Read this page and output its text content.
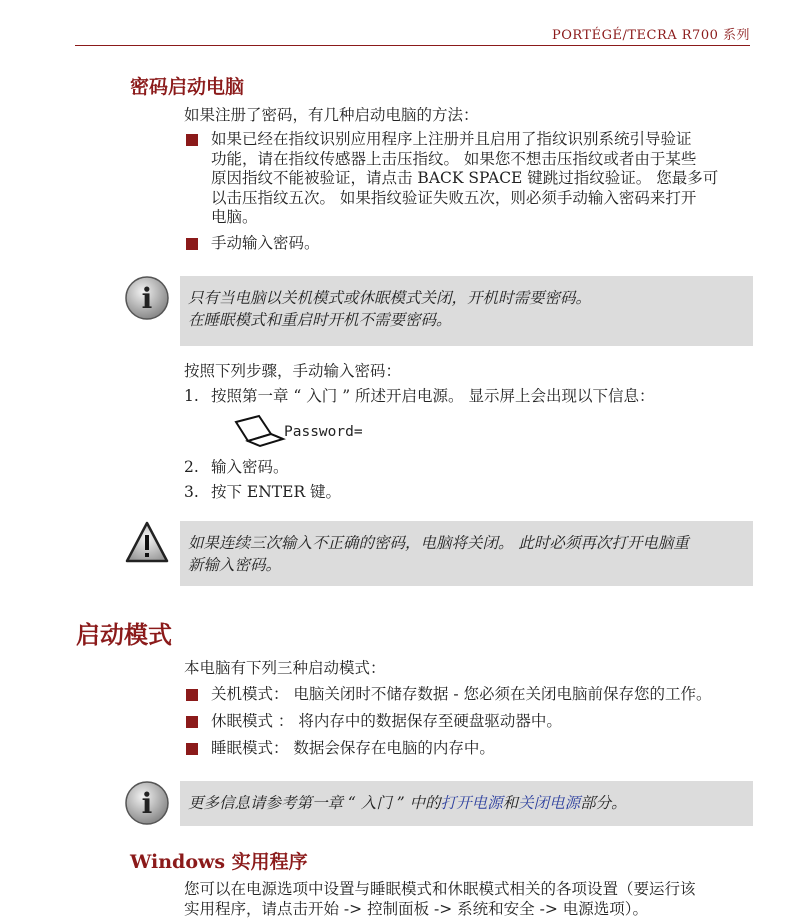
PORTÉGÉ/TECRA R700 系列
密码启动电脑
如果注册了密码，有几种启动电脑的方法：
如果已经在指纹识别应用程序上注册并且启用了指纹识别系统引导验证
功能，请在指纹传感器上击压指纹。 如果您不想击压指纹或者由于某些
原因指纹不能被验证，请点击 BACK SPACE 键跳过指纹验证。 您最多可
以击压指纹五次。 如果指纹验证失败五次，则必须手动输入密码来打开
电脑。
手动输入密码。
i 只有当电脑以关机模式或休眠模式关闭，开机时需要密码。
在睡眠模式和重启时开机不需要密码。
按照下列步骤，手动输入密码：
1. 按照第一章 “ 入门 ” 所述开启电源。 显示屏上会出现以下信息：
Password=
2. 输入密码。
3. 按下 ENTER 键。
如果连续三次输入不正确的密码，电脑将关闭。 此时必须再次打开电脑重
新输入密码。
启动模式
本电脑有下列三种启动模式：
关机模式： 电脑关闭时不储存数据 - 您必须在关闭电脑前保存您的工作。
休眠模式 ： 将内存中的数据保存至硬盘驱动器中。
睡眠模式： 数据会保存在电脑的内存中。
i 更多信息请参考第一章 “ 入门 ” 中的打开电源和关闭电源部分。
Windows 实用程序
您可以在电源选项中设置与睡眠模式和休眠模式相关的各项设置（要运行该
实用程序，请点击开始 -> 控制面板 -> 系统和安全 -> 电源选项）。
